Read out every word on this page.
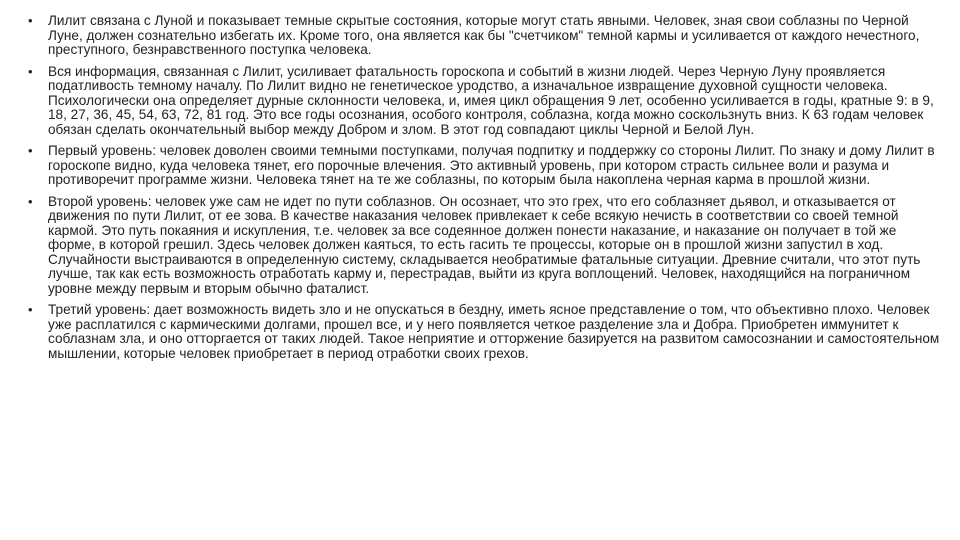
•	Лилит связана с Луной и показывает темные скрытые состояния, которые могут стать явными. Человек, зная свои соблазны по Черной Луне, должен сознательно избегать их. Кроме того, она является как бы "счетчиком" темной кармы и усиливается от каждого нечестного, преступного, безнравственного поступка человека.
•	Вся информация, связанная с Лилит, усиливает фатальность гороскопа и событий в жизни людей. Через Черную Луну проявляется податливость темному началу. По Лилит видно не генетическое уродство, а изначальное извращение духовной сущности человека. Психологически она определяет дурные склонности человека, и, имея цикл обращения 9 лет, особенно усиливается в годы, кратные 9: в 9, 18, 27, 36, 45, 54, 63, 72, 81 год. Это все годы осознания, особого контроля, соблазна, когда можно соскользнуть вниз. К 63 годам человек обязан сделать окончательный выбор между Добром и злом. В этот год совпадают циклы Черной и Белой Лун.
•	Первый уровень: человек доволен своими темными поступками, получая подпитку и поддержку со стороны Лилит. По знаку и дому Лилит в гороскопе видно, куда человека тянет, его порочные влечения. Это активный уровень, при котором страсть сильнее воли и разума и противоречит программе жизни. Человека тянет на те же соблазны, по которым была накоплена черная карма в прошлой жизни.
•	Второй уровень: человек уже сам не идет по пути соблазнов. Он осознает, что это грех, что его соблазняет дьявол, и отказывается от движения по пути Лилит, от ее зова. В качестве наказания человек привлекает к себе всякую нечисть в соответствии со своей темной кармой. Это путь покаяния и искупления, т.е. человек за все содеянное должен понести наказание, и наказание он получает в той же форме, в которой грешил. Здесь человек должен каяться, то есть гасить те процессы, которые он в прошлой жизни запустил в ход. Случайности выстраиваются в определенную систему, складывается необратимые фатальные ситуации. Древние считали, что этот путь лучше, так как есть возможность отработать карму и, перестрадав, выйти из круга воплощений. Человек, находящийся на пограничном уровне между первым и вторым обычно фаталист.
•	Третий уровень: дает возможность видеть зло и не опускаться в бездну, иметь ясное представление о том, что объективно плохо. Человек уже расплатился с кармическими долгами, прошел все, и у него появляется четкое разделение зла и Добра. Приобретен иммунитет к соблазнам зла, и оно отторгается от таких людей. Такое неприятие и отторжение базируется на развитом самосознании и самостоятельном мышлении, которые человек приобретает в период отработки своих грехов.
